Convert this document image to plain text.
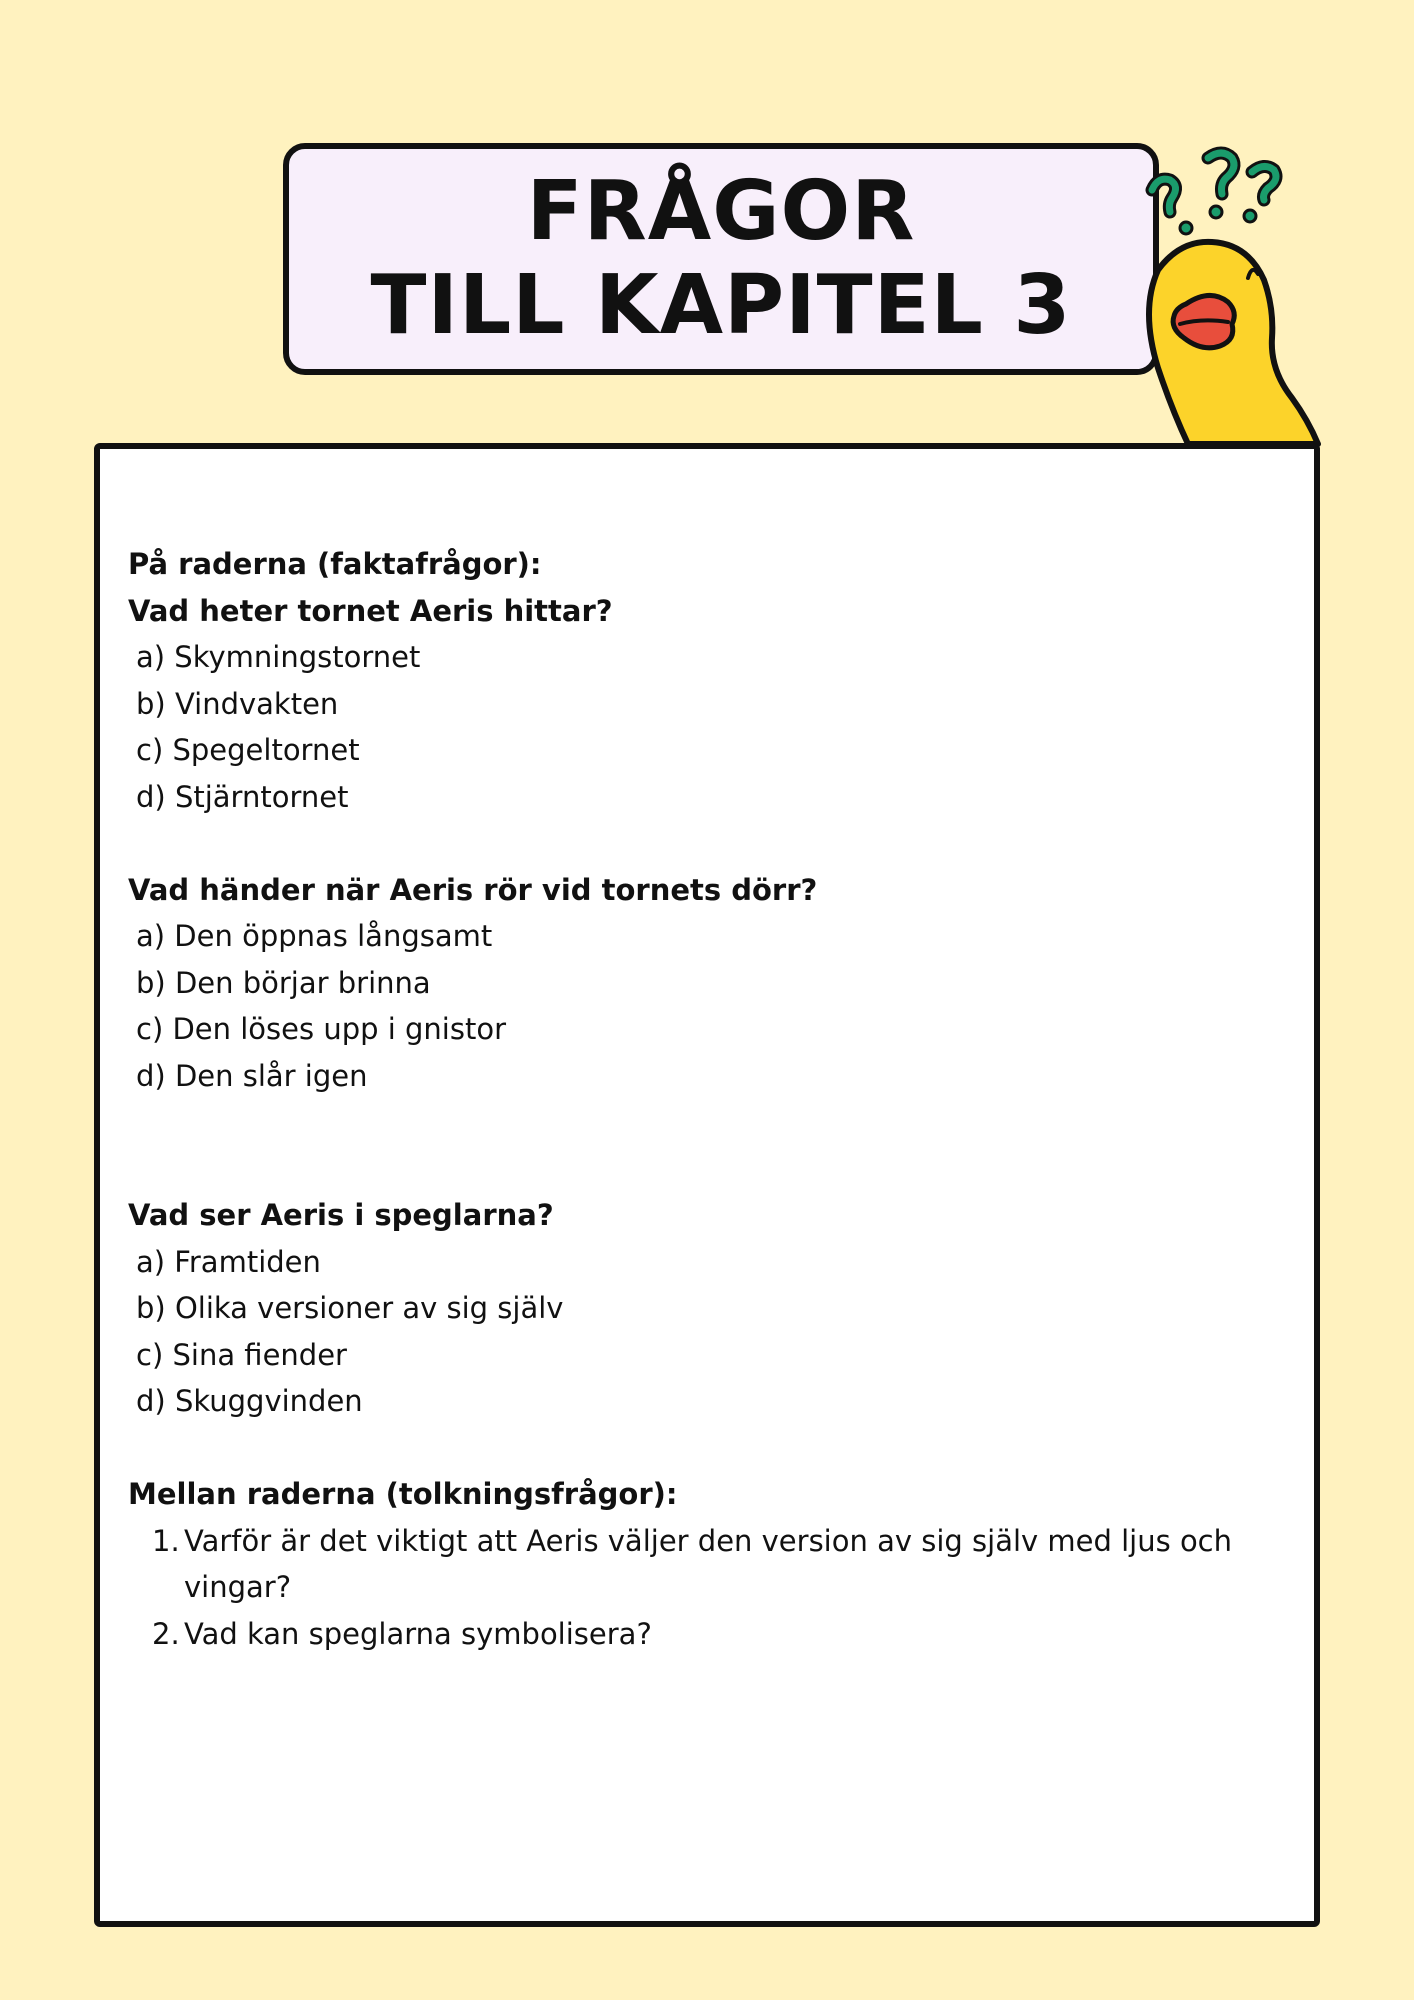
FRÅGOR
TILL KAPITEL 3
På raderna (faktafrågor):
Vad heter tornet Aeris hittar?
a) Skymningstornet
b) Vindvakten
c) Spegeltornet
d) Stjärntornet
Vad händer när Aeris rör vid tornets dörr?
a) Den öppnas långsamt
b) Den börjar brinna
c) Den löses upp i gnistor
d) Den slår igen
Vad ser Aeris i speglarna?
a) Framtiden
b) Olika versioner av sig själv
c) Sina fiender
d) Skuggvinden
Mellan raderna (tolkningsfrågor):
1. Varför är det viktigt att Aeris väljer den version av sig själv med ljus och vingar?
2. Vad kan speglarna symbolisera?
